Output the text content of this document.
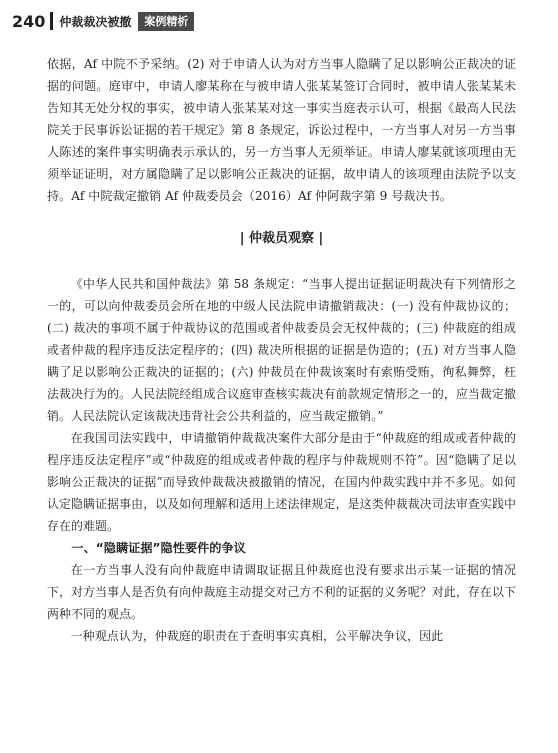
240	仲裁裁决被撤	案例精析

依据，Af 中院不予采纳。(2) 对于申请人认为对方当事人隐瞒了足以影响公正裁决的证据的问题。庭审中，申请人廖某称在与被申请人张某某签订合同时，被申请人张某某未告知其无处分权的事实，被申请人张某某对这一事实当庭表示认可，根据《最高人民法院关于民事诉讼证据的若干规定》第 8 条规定，诉讼过程中，一方当事人对另一方当事人陈述的案件事实明确表示承认的，另一方当事人无须举证。申请人廖某就该项理由无须举证证明，对方属隐瞒了足以影响公正裁决的证据，故申请人的该项理由法院予以支持。Af 中院裁定撤销 Af 仲裁委员会（2016）Af 仲阿裁字第 9 号裁决书。

| 仲裁员观察 |

《中华人民共和国仲裁法》第 58 条规定：“当事人提出证据证明裁决有下列情形之一的，可以向仲裁委员会所在地的中级人民法院申请撤销裁决：(一) 没有仲裁协议的；(二) 裁决的事项不属于仲裁协议的范围或者仲裁委员会无权仲裁的；(三) 仲裁庭的组成或者仲裁的程序违反法定程序的；(四) 裁决所根据的证据是伪造的；(五) 对方当事人隐瞒了足以影响公正裁决的证据的；(六) 仲裁员在仲裁该案时有索贿受贿，徇私舞弊，枉法裁决行为的。人民法院经组成合议庭审查核实裁决有前款规定情形之一的，应当裁定撤销。人民法院认定该裁决违背社会公共利益的，应当裁定撤销。”

在我国司法实践中，申请撤销仲裁裁决案件大部分是由于“仲裁庭的组成或者仲裁的程序违反法定程序”或“仲裁庭的组成或者仲裁的程序与仲裁规则不符”。因“隐瞒了足以影响公正裁决的证据”而导致仲裁裁决被撤销的情况，在国内仲裁实践中并不多见。如何认定隐瞒证据事由，以及如何理解和适用上述法律规定，是这类仲裁裁决司法审查实践中存在的难题。

一、“隐瞒证据”隐性要件的争议

在一方当事人没有向仲裁庭申请调取证据且仲裁庭也没有要求出示某一证据的情况下，对方当事人是否负有向仲裁庭主动提交对己方不利的证据的义务呢？对此，存在以下两种不同的观点。

一种观点认为，仲裁庭的职责在于查明事实真相，公平解决争议，因此
